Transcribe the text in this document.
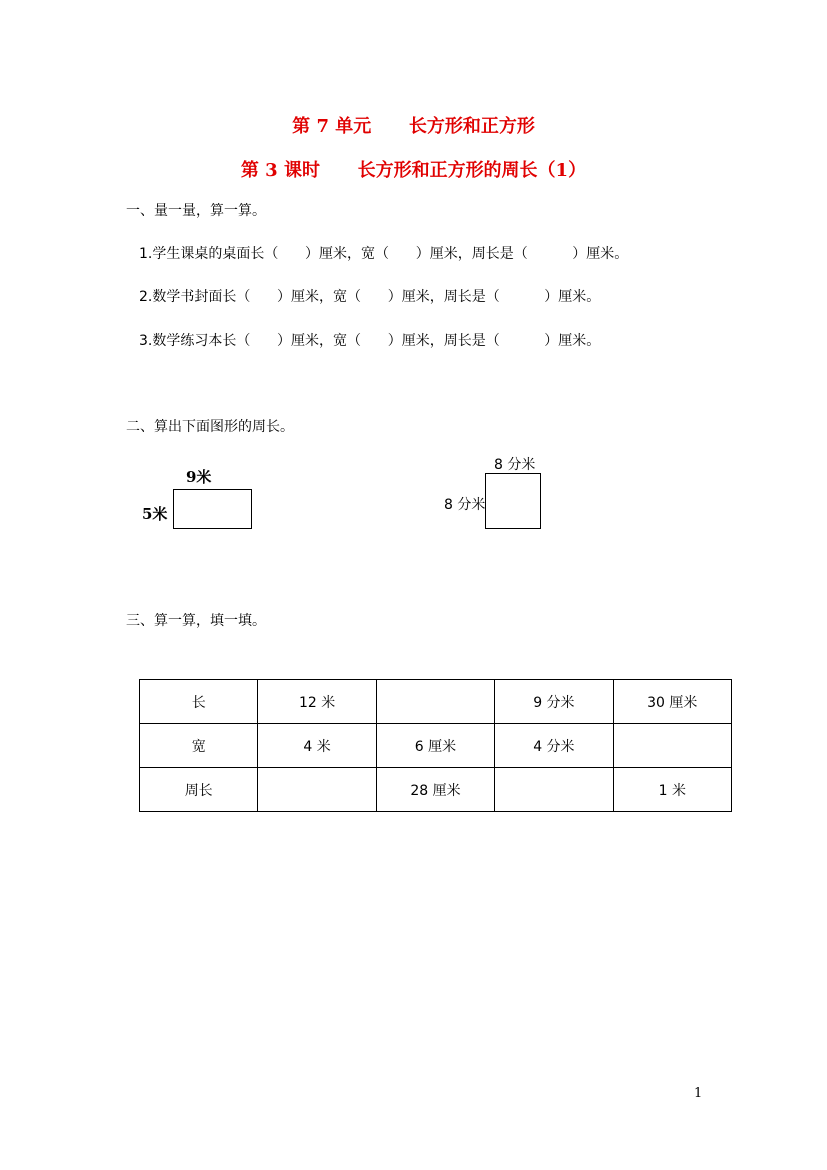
第 7 单元      长方形和正方形
第 3 课时      长方形和正方形的周长（1）
一、量一量，算一算。
1.学生课桌的桌面长（      ）厘米，宽（      ）厘米，周长是（          ）厘米。
2.数学书封面长（      ）厘米，宽（      ）厘米，周长是（          ）厘米。
3.数学练习本长（      ）厘米，宽（      ）厘米，周长是（          ）厘米。
二、算出下面图形的周长。
9米
5米
8 分米
8 分米
三、算一算，填一填。
长	12 米		9 分米	30 厘米
宽	4 米	6 厘米	4 分米	
周长		28 厘米		1 米
1
